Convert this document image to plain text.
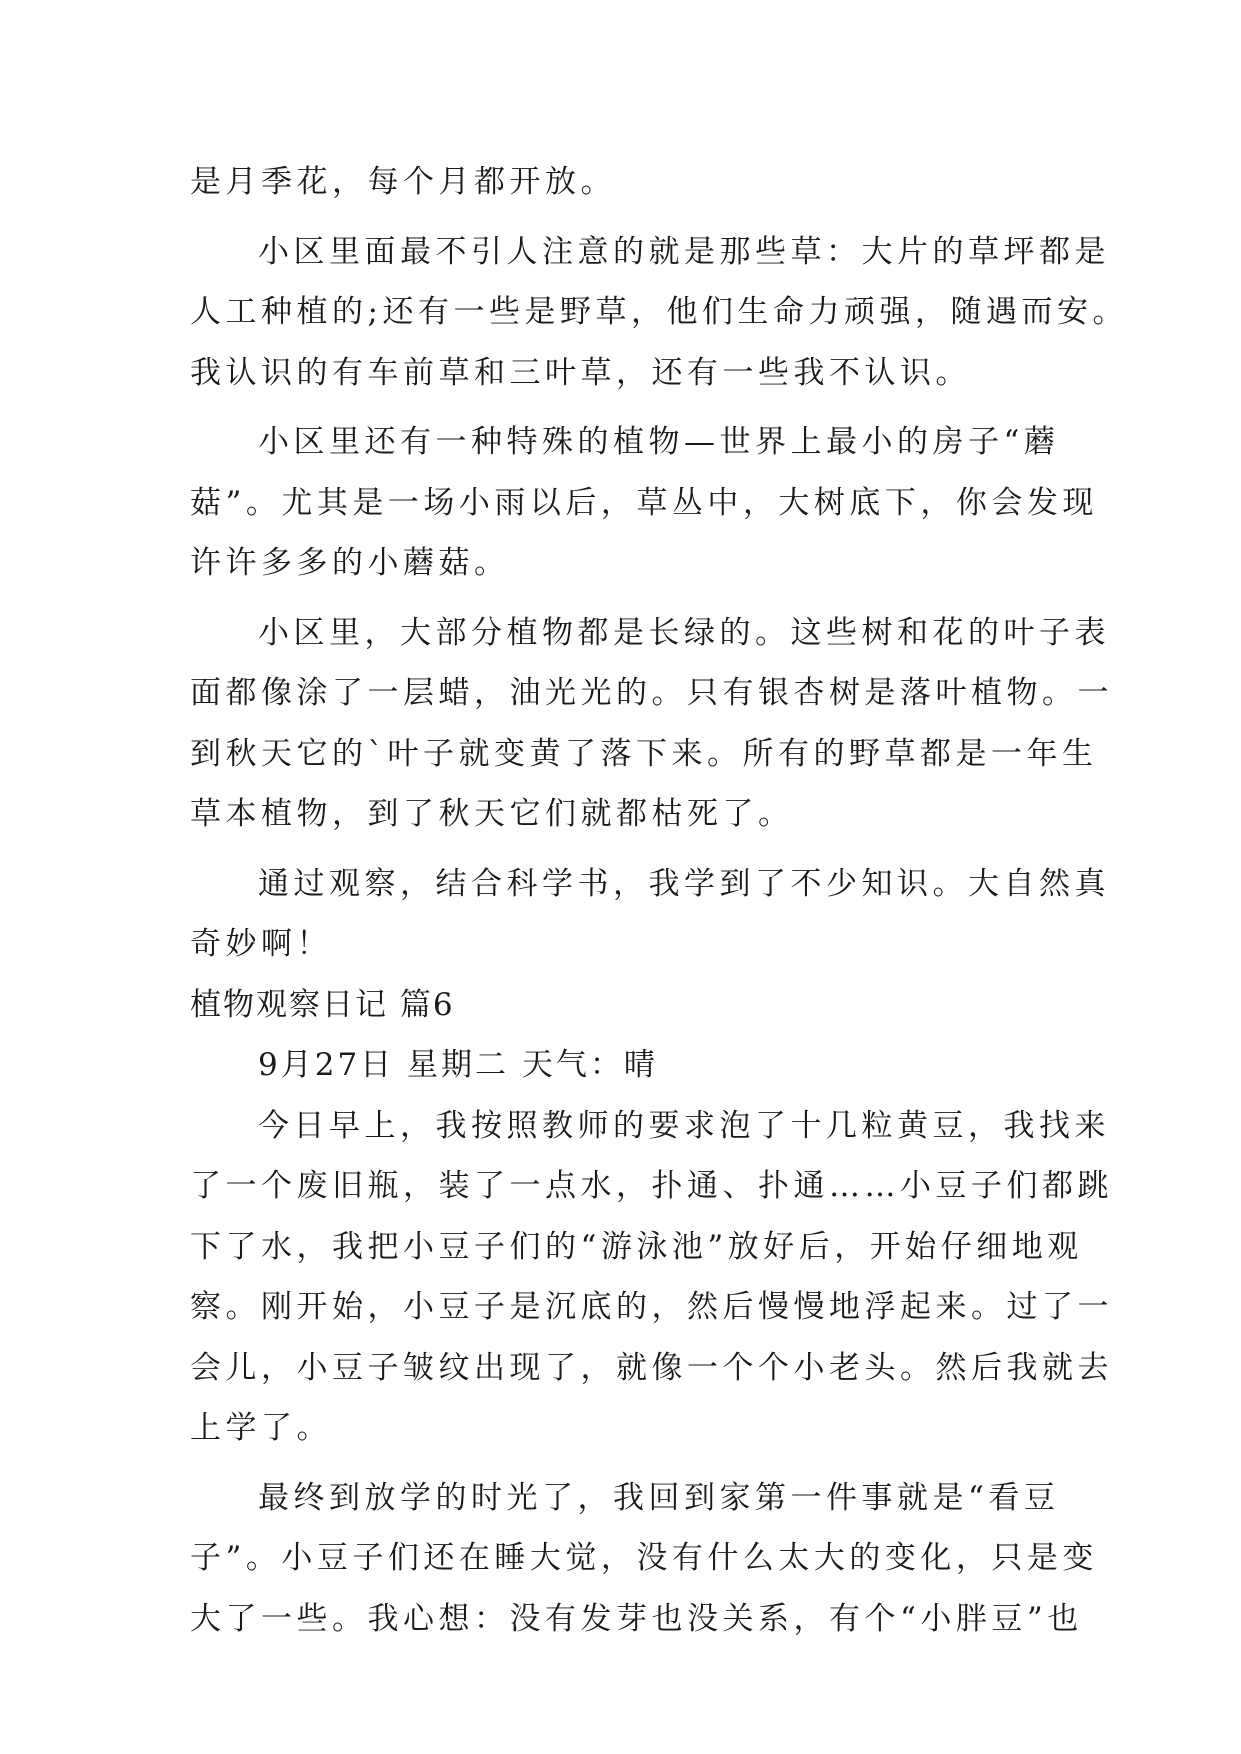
是月季花，每个月都开放。

小区里面最不引人注意的就是那些草：大片的草坪都是

人工种植的;还有一些是野草，他们生命力顽强，随遇而安。

我认识的有车前草和三叶草，还有一些我不认识。

小区里还有一种特殊的植物—世界上最小的房子“蘑

菇”。尤其是一场小雨以后，草丛中，大树底下，你会发现

许许多多的小蘑菇。

小区里，大部分植物都是长绿的。这些树和花的叶子表

面都像涂了一层蜡，油光光的。只有银杏树是落叶植物。一

到秋天它的`叶子就变黄了落下来。所有的野草都是一年生

草本植物，到了秋天它们就都枯死了。

通过观察，结合科学书，我学到了不少知识。大自然真

奇妙啊！

植物观察日记 篇6

9月27日 星期二 天气：晴

今日早上，我按照教师的要求泡了十几粒黄豆，我找来

了一个废旧瓶，装了一点水，扑通、扑通……小豆子们都跳

下了水，我把小豆子们的“游泳池”放好后，开始仔细地观

察。刚开始，小豆子是沉底的，然后慢慢地浮起来。过了一

会儿，小豆子皱纹出现了，就像一个个小老头。然后我就去

上学了。

最终到放学的时光了，我回到家第一件事就是“看豆

子”。小豆子们还在睡大觉，没有什么太大的变化，只是变

大了一些。我心想：没有发芽也没关系，有个“小胖豆”也
